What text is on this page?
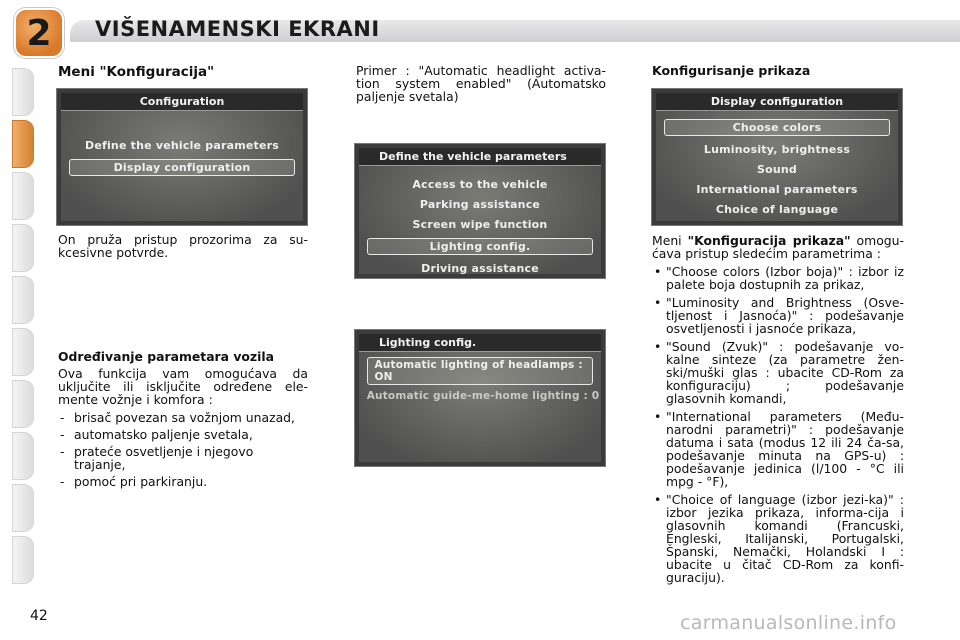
2	VIŠENAMENSKI EKRANI
Meni "Konfiguracija"
Configuration
Define the vehicle parameters
Display configuration

On pruža pristup prozorima za su-kcesivne potvrde.

Određivanje parametara vozila

Ova funkcija vam omogućava da uključite ili isključite određene ele-mente vožnje i komfora :

- brisač povezan sa vožnjom unazad,
- automatsko paljenje svetala,
- prateće osvetljenje i njegovo trajanje,
- pomoć pri parkiranju.

Primer : "Automatic headlight activa-tion system enabled" (Automatsko paljenje svetala)

Define the vehicle parameters
Access to the vehicle
Parking assistance
Screen wipe function
Lighting config.
Driving assistance
Lighting config.
Automatic lighting of headlamps : ON
Automatic guide-me-home lighting : 0
Konfigurisanje prikaza
Display configuration
Choose colors
Luminosity, brightness
Sound
International parameters
Choice of language

Meni "Konfiguracija prikaza" omogu-ćava pristup sledećim parametrima :

• "Choose colors (Izbor boja)" : izbor iz palete boja dostupnih za prikaz,
• "Luminosity and Brightness (Osve-tljenost i Jasnoća)" : podešavanje osvetljenosti i jasnoće prikaza,
• "Sound (Zvuk)" : podešavanje vo-kalne sinteze (za parametre žen-ski/muški glas : ubacite CD-Rom za konfiguraciju) ; podešavanje glasovnih komandi,
• "International parameters (Među-narodni parametri)" : podešavanje datuma i sata (modus 12 ili 24 ča-sa, podešavanje minuta na GPS-u) : podešavanje jedinica (l/100 - °C ili mpg - °F),
• "Choice of language (izbor jezi-ka)" : izbor jezika prikaza, informa-cija i glasovnih komandi (Francuski, Engleski, Italijanski, Portugalski, Španski, Nemački, Holandski I : ubacite u čitač CD-Rom za konfi-guraciju).
42	carmanualsonline.info
